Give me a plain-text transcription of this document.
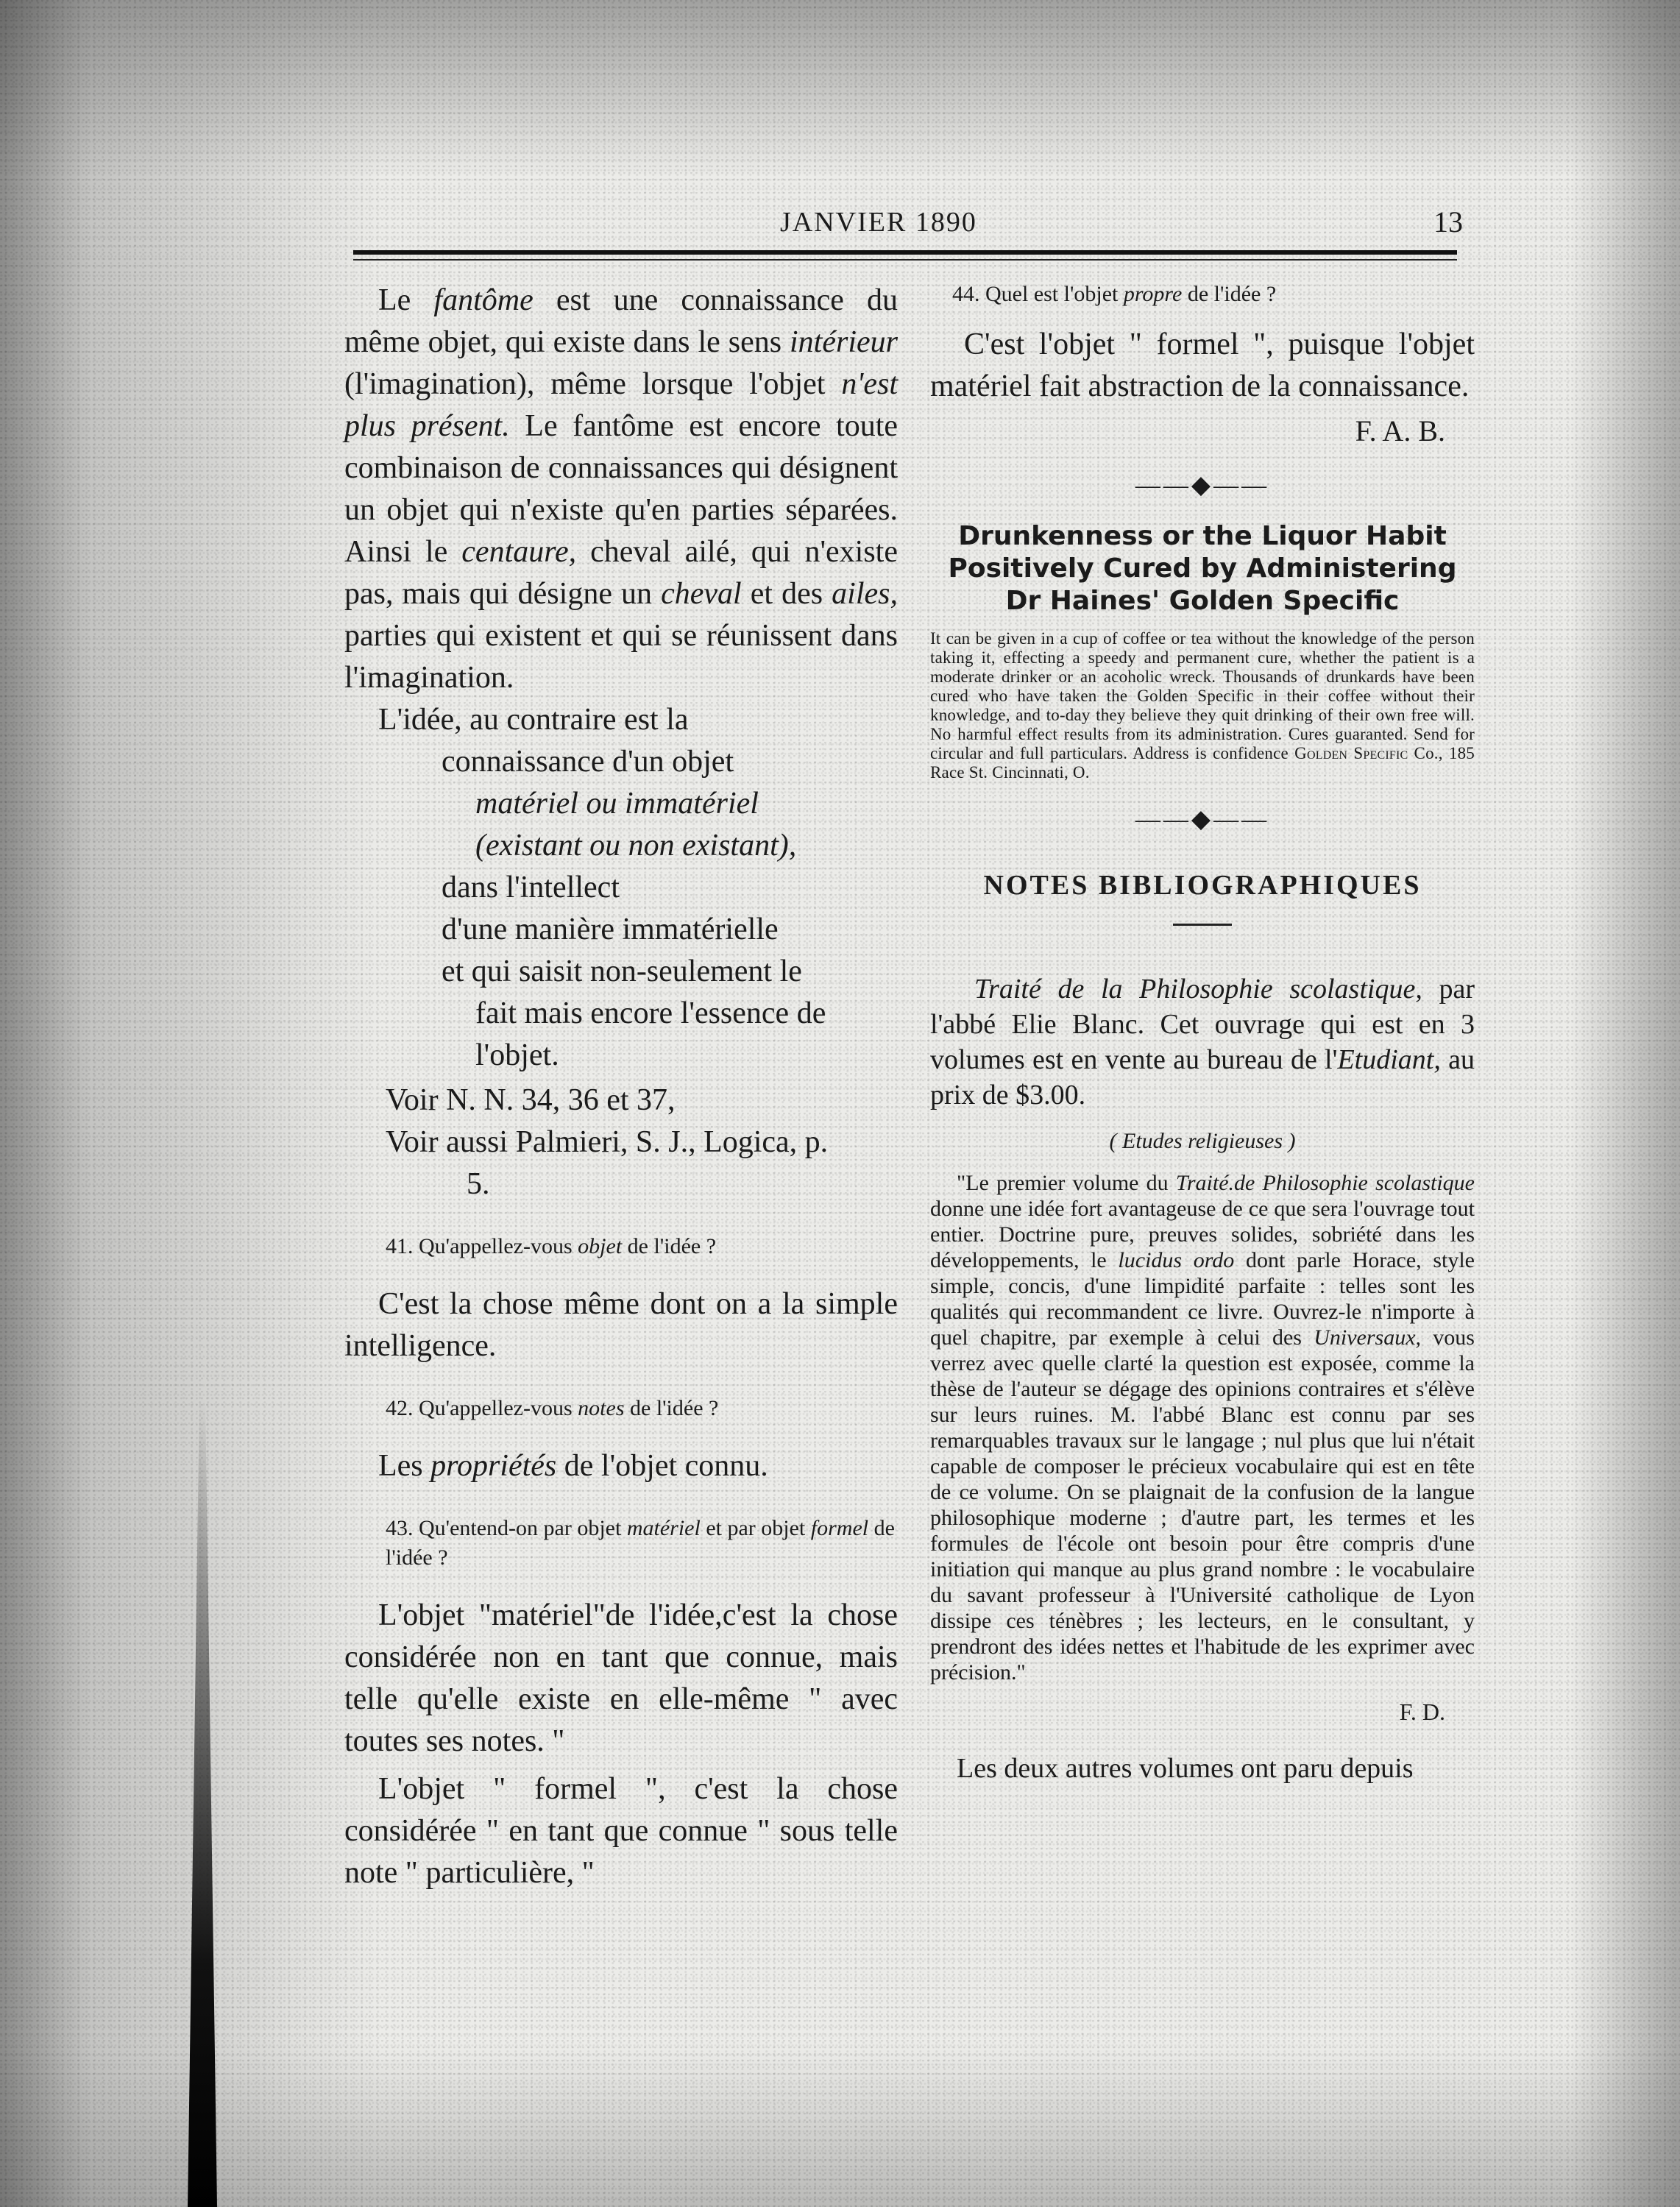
JANVIER 1890	13

Le fantôme est une connaissance du même objet, qui existe dans le sens intérieur (l'imagination), même lorsque l'objet n'est plus présent. Le fantôme est encore toute combinaison de connaissances qui désignent un objet qui n'existe qu'en parties séparées. Ainsi le centaure, cheval ailé, qui n'existe pas, mais qui désigne un cheval et des ailes, parties qui existent et qui se réunissent dans l'imagination.

L'idée, au contraire est la
connaissance d'un objet
matériel ou immatériel
(existant ou non existant),
dans l'intellect
d'une manière immatérielle
et qui saisit non-seulement le
fait mais encore l'essence de
l'objet.
Voir N. N. 34, 36 et 37,
Voir aussi Palmieri, S. J., Logica, p.
5.

41. Qu'appellez-vous objet de l'idée ?

C'est la chose même dont on a la simple intelligence.

42. Qu'appellez-vous notes de l'idée ?

Les propriétés de l'objet connu.

43. Qu'entend-on par objet matériel et par objet formel de l'idée ?

L'objet "matériel"de l'idée,c'est la chose considérée non en tant que connue, mais telle qu'elle existe en elle-même " avec toutes ses notes. "

L'objet " formel ", c'est la chose considérée " en tant que connue " sous telle note " particulière, "

44. Quel est l'objet propre de l'idée ?

C'est l'objet " formel ", puisque l'objet matériel fait abstraction de la connaissance.

F. A. B.
——◆——
Drunkenness or the Liquor Habit Positively Cured by Administering Dr Haines' Golden Specific

It can be given in a cup of coffee or tea without the knowledge of the person taking it, effecting a speedy and permanent cure, whether the patient is a moderate drinker or an acoholic wreck. Thousands of drunkards have been cured who have taken the Golden Specific in their coffee without their knowledge, and to-day they believe they quit drinking of their own free will. No harmful effect results from its administration. Cures guaranted. Send for circular and full particulars. Address is confidence Golden Specific Co., 185 Race St. Cincinnati, O.

——◆——
NOTES BIBLIOGRAPHIQUES

Traité de la Philosophie scolastique, par l'abbé Elie Blanc. Cet ouvrage qui est en 3 volumes est en vente au bureau de l'Etudiant, au prix de $3.00.

( Etudes religieuses )

"Le premier volume du Traité.de Philosophie scolastique donne une idée fort avantageuse de ce que sera l'ouvrage tout entier. Doctrine pure, preuves solides, sobriété dans les développements, le lucidus ordo dont parle Horace, style simple, concis, d'une limpidité parfaite : telles sont les qualités qui recommandent ce livre. Ouvrez-le n'importe à quel chapitre, par exemple à celui des Universaux, vous verrez avec quelle clarté la question est exposée, comme la thèse de l'auteur se dégage des opinions contraires et s'élève sur leurs ruines. M. l'abbé Blanc est connu par ses remarquables travaux sur le langage ; nul plus que lui n'était capable de composer le précieux vocabulaire qui est en tête de ce volume. On se plaignait de la confusion de la langue philosophique moderne ; d'autre part, les termes et les formules de l'école ont besoin pour être compris d'une initiation qui manque au plus grand nombre : le vocabulaire du savant professeur à l'Université catholique de Lyon dissipe ces ténèbres ; les lecteurs, en le consultant, y prendront des idées nettes et l'habitude de les exprimer avec précision."

F. D.

Les deux autres volumes ont paru depuis
